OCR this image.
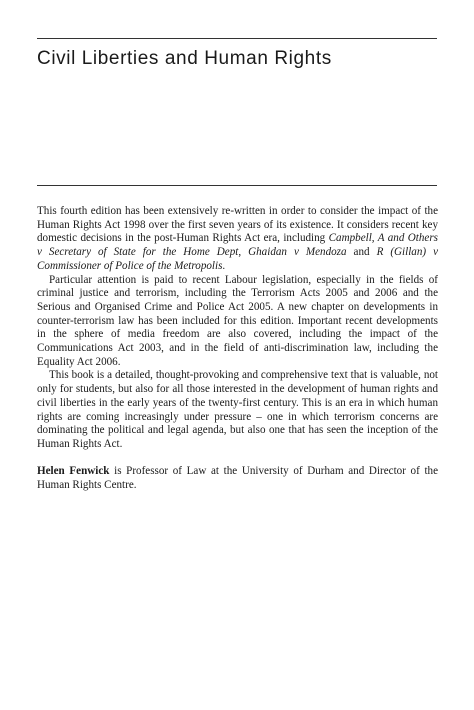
Civil Liberties and Human Rights

This fourth edition has been extensively re-written in order to consider the impact of the Human Rights Act 1998 over the first seven years of its existence. It considers recent key domestic decisions in the post-Human Rights Act era, including Campbell, A and Others v Secretary of State for the Home Dept, Ghaidan v Mendoza and R (Gillan) v Commissioner of Police of the Metropolis.

Particular attention is paid to recent Labour legislation, especially in the fields of criminal justice and terrorism, including the Terrorism Acts 2005 and 2006 and the Serious and Organised Crime and Police Act 2005. A new chapter on developments in counter-terrorism law has been included for this edition. Important recent developments in the sphere of media freedom are also covered, including the impact of the Communications Act 2003, and in the field of anti-discrimination law, including the Equality Act 2006.

This book is a detailed, thought-provoking and comprehensive text that is valuable, not only for students, but also for all those interested in the development of human rights and civil liberties in the early years of the twenty-first century. This is an era in which human rights are coming increasingly under pressure – one in which terrorism concerns are dominating the political and legal agenda, but also one that has seen the inception of the Human Rights Act.

Helen Fenwick is Professor of Law at the University of Durham and Director of the Human Rights Centre.
